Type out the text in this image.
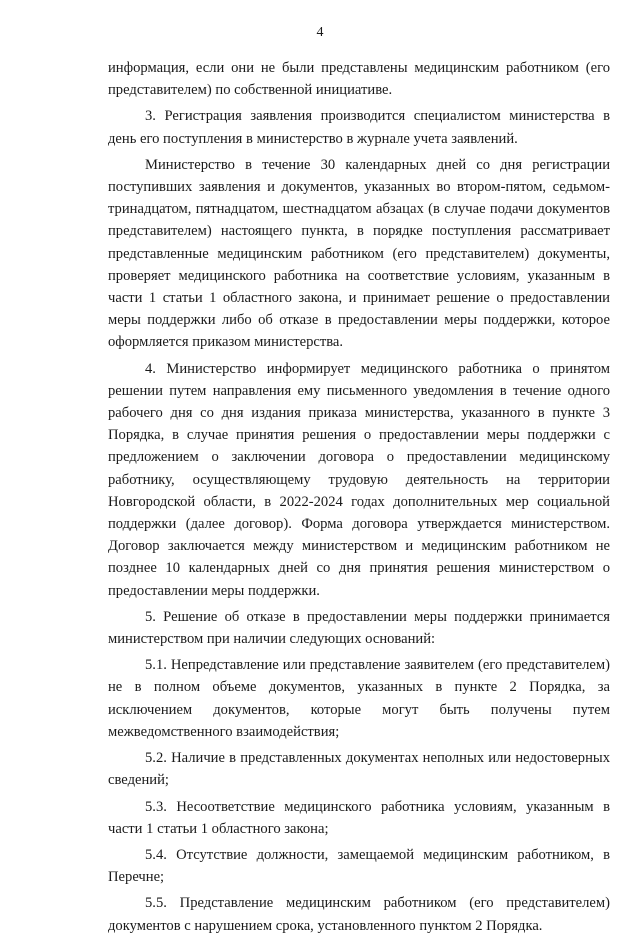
4

информация, если они не были представлены медицинским работником (его представителем) по собственной инициативе.

3. Регистрация заявления производится специалистом министерства в день его поступления в министерство в журнале учета заявлений.

Министерство в течение 30 календарных дней со дня регистрации поступивших заявления и документов, указанных во втором-пятом, седьмом-тринадцатом, пятнадцатом, шестнадцатом абзацах (в случае подачи документов представителем) настоящего пункта, в порядке поступления рассматривает представленные медицинским работником (его представителем) документы, проверяет медицинского работника на соответствие условиям, указанным в части 1 статьи 1 областного закона, и принимает решение о предоставлении меры поддержки либо об отказе в предоставлении меры поддержки, которое оформляется приказом министерства.

4. Министерство информирует медицинского работника о принятом решении путем направления ему письменного уведомления в течение одного рабочего дня со дня издания приказа министерства, указанного в пункте 3 Порядка, в случае принятия решения о предоставлении меры поддержки с предложением о заключении договора о предоставлении медицинскому работнику, осуществляющему трудовую деятельность на территории Новгородской области, в 2022-2024 годах дополнительных мер социальной поддержки (далее договор). Форма договора утверждается министерством. Договор заключается между министерством и медицинским работником не позднее 10 календарных дней со дня принятия решения министерством о предоставлении меры поддержки.

5. Решение об отказе в предоставлении меры поддержки принимается министерством при наличии следующих оснований:

5.1. Непредставление или представление заявителем (его представителем) не в полном объеме документов, указанных в пункте 2 Порядка, за исключением документов, которые могут быть получены путем межведомственного взаимодействия;

5.2. Наличие в представленных документах неполных или недостоверных сведений;

5.3. Несоответствие медицинского работника условиям, указанным в части 1 статьи 1 областного закона;

5.4. Отсутствие должности, замещаемой медицинским работником, в Перечне;

5.5. Представление медицинским работником (его представителем) документов с нарушением срока, установленного пунктом 2 Порядка.
